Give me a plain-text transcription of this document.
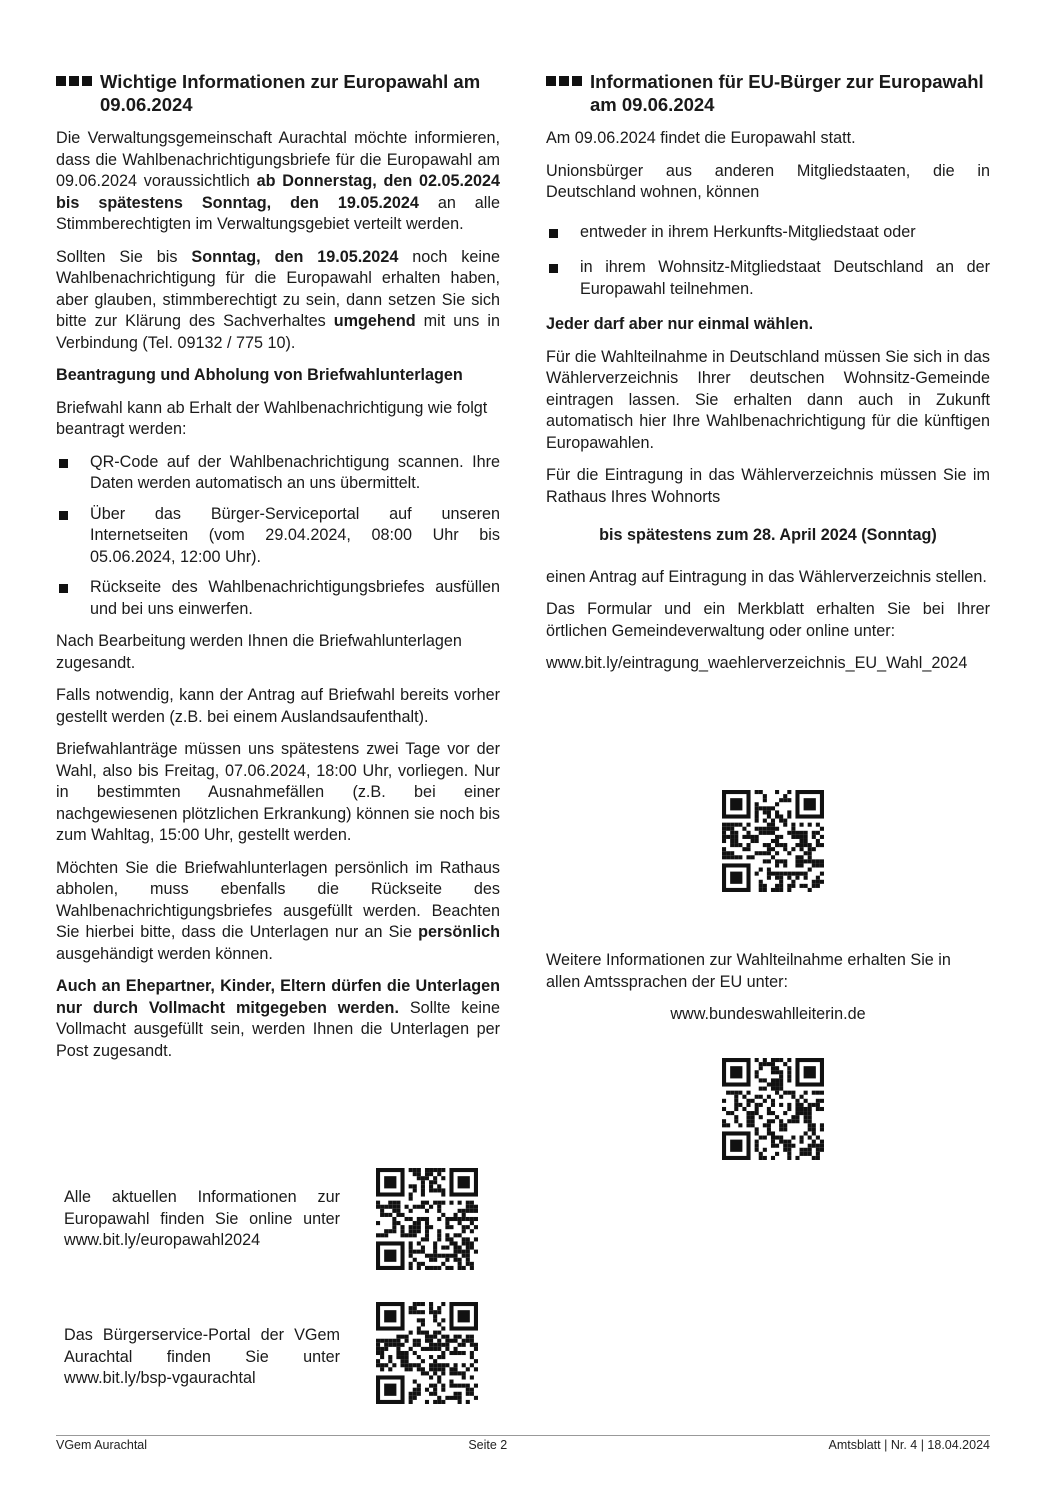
Wichtige Informationen zur Europawahl am 09.06.2024

Die Verwaltungsgemeinschaft Aurachtal möchte informieren, dass die Wahlbenachrichtigungsbriefe für die Europawahl am 09.06.2024 voraussichtlich ab Donnerstag, den 02.05.2024 bis spätestens Sonntag, den 19.05.2024 an alle Stimmberechtigten im Verwaltungsgebiet verteilt werden.

Sollten Sie bis Sonntag, den 19.05.2024 noch keine Wahlbenachrichtigung für die Europawahl erhalten haben, aber glauben, stimmberechtigt zu sein, dann setzen Sie sich bitte zur Klärung des Sachverhaltes umgehend mit uns in Verbindung (Tel. 09132 / 775 10).

Beantragung und Abholung von Briefwahlunterlagen

Briefwahl kann ab Erhalt der Wahlbenachrichtigung wie folgt beantragt werden:

QR-Code auf der Wahlbenachrichtigung scannen. Ihre Daten werden automatisch an uns übermittelt.
Über das Bürger-Serviceportal auf unseren Internetseiten (vom 29.04.2024, 08:00 Uhr bis 05.06.2024, 12:00 Uhr).
Rückseite des Wahlbenachrichtigungsbriefes ausfüllen und bei uns einwerfen.

Nach Bearbeitung werden Ihnen die Briefwahlunterlagen zugesandt.

Falls notwendig, kann der Antrag auf Briefwahl bereits vorher gestellt werden (z.B. bei einem Auslandsaufenthalt).

Briefwahlanträge müssen uns spätestens zwei Tage vor der Wahl, also bis Freitag, 07.06.2024, 18:00 Uhr, vorliegen. Nur in bestimmten Ausnahmefällen (z.B. bei einer nachgewiesenen plötzlichen Erkrankung) können sie noch bis zum Wahltag, 15:00 Uhr, gestellt werden.

Möchten Sie die Briefwahlunterlagen persönlich im Rathaus abholen, muss ebenfalls die Rückseite des Wahlbenachrichtigungsbriefes ausgefüllt werden. Beachten Sie hierbei bitte, dass die Unterlagen nur an Sie persönlich ausgehändigt werden können.

Auch an Ehepartner, Kinder, Eltern dürfen die Unterlagen nur durch Vollmacht mitgegeben werden. Sollte keine Vollmacht ausgefüllt sein, werden Ihnen die Unterlagen per Post zugesandt.

Alle aktuellen Informationen zur Europawahl finden Sie online unter www.bit.ly/europawahl2024

Das Bürgerservice-Portal der VGem Aurachtal finden Sie unter www.bit.ly/bsp-vgaurachtal

Informationen für EU-Bürger zur Europawahl am 09.06.2024

Am 09.06.2024 findet die Europawahl statt.

Unionsbürger aus anderen Mitgliedstaaten, die in Deutschland wohnen, können

entweder in ihrem Herkunfts-Mitgliedstaat oder
in ihrem Wohnsitz-Mitgliedstaat Deutschland an der Europawahl teilnehmen.
Jeder darf aber nur einmal wählen.

Für die Wahlteilnahme in Deutschland müssen Sie sich in das Wählerverzeichnis Ihrer deutschen Wohnsitz-Gemeinde eintragen lassen. Sie erhalten dann auch in Zukunft automatisch hier Ihre Wahlbenachrichtigung für die künftigen Europawahlen.

Für die Eintragung in das Wählerverzeichnis müssen Sie im Rathaus Ihres Wohnorts

bis spätestens zum 28. April 2024 (Sonntag)

einen Antrag auf Eintragung in das Wählerverzeichnis stellen.

Das Formular und ein Merkblatt erhalten Sie bei Ihrer örtlichen Gemeindeverwaltung oder online unter:

www.bit.ly/eintragung_waehlerverzeichnis_EU_Wahl_2024

Weitere Informationen zur Wahlteilnahme erhalten Sie in allen Amtssprachen der EU unter:

www.bundeswahlleiterin.de

VGem Aurachtal	Seite 2	Amtsblatt | Nr. 4 | 18.04.2024
